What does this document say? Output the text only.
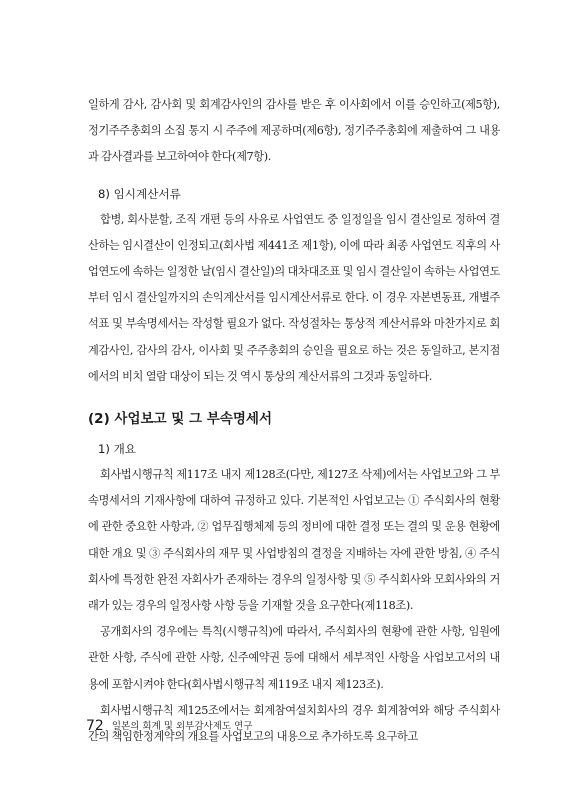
일하게 감사, 감사회 및 회계감사인의 감사를 받은 후 이사회에서 이를 승인하고(제5항), 정기주주총회의 소집 통지 시 주주에 제공하며(제6항), 정기주주총회에 제출하여 그 내용과 감사결과를 보고하여야 한다(제7항).

8) 임시계산서류

합병, 회사분할, 조직 개편 등의 사유로 사업연도 중 일정일을 임시 결산일로 정하여 결산하는 임시결산이 인정되고(회사법 제441조 제1항), 이에 따라 최종 사업연도 직후의 사업연도에 속하는 일정한 날(임시 결산일)의 대차대조표 및 임시 결산일이 속하는 사업연도부터 임시 결산일까지의 손익계산서를 임시계산서류로 한다. 이 경우 자본변동표, 개별주석표 및 부속명세서는 작성할 필요가 없다. 작성절차는 통상적 계산서류와 마찬가지로 회계감사인, 감사의 감사, 이사회 및 주주총회의 승인을 필요로 하는 것은 동일하고, 본지점에서의 비치 열람 대상이 되는 것 역시 통상의 계산서류의 그것과 동일하다.

(2) 사업보고 및 그 부속명세서

1) 개요

회사법시행규칙 제117조 내지 제128조(다만, 제127조 삭제)에서는 사업보고와 그 부속명세서의 기재사항에 대하여 규정하고 있다. 기본적인 사업보고는 ① 주식회사의 현황에 관한 중요한 사항과, ② 업무집행체제 등의 정비에 대한 결정 또는 결의 및 운용 현황에 대한 개요 및 ③ 주식회사의 재무 및 사업방침의 결정을 지배하는 자에 관한 방침, ④ 주식회사에 특정한 완전 자회사가 존재하는 경우의 일정사항 및 ⑤ 주식회사와 모회사와의 거래가 있는 경우의 일정사항 사항 등을 기재할 것을 요구한다(제118조).

공개회사의 경우에는 특칙(시행규칙)에 따라서, 주식회사의 현황에 관한 사항, 임원에 관한 사항, 주식에 관한 사항, 신주예약권 등에 대해서 세부적인 사항을 사업보고서의 내용에 포함시켜야 한다(회사법시행규칙 제119조 내지 제123조).

회사법시행규칙 제125조에서는 회계참여설치회사의 경우 회계참여와 해당 주식회사 간의 책임한정계약의 개요를 사업보고의 내용으로 추가하도록 요구하고

72 일본의 회계 및 외부감사제도 연구
